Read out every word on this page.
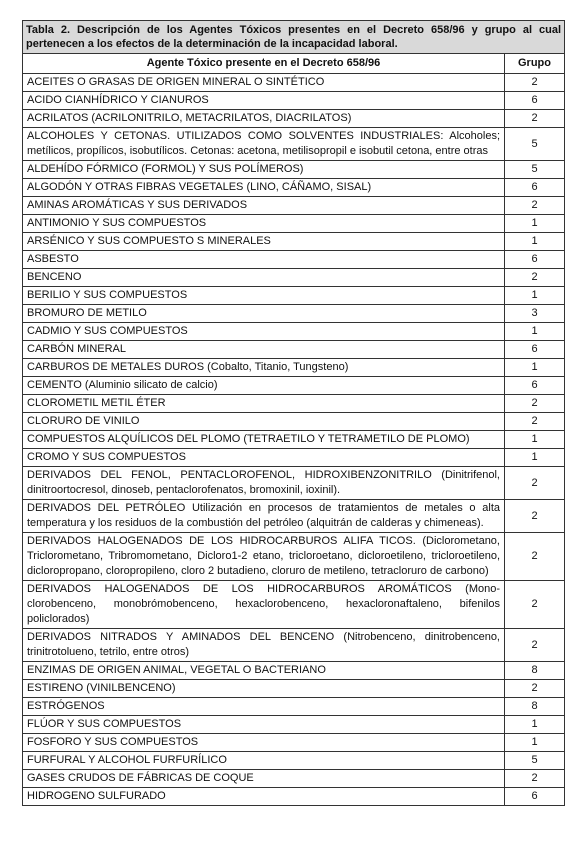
Tabla 2. Descripción de los Agentes Tóxicos presentes en el Decreto 658/96 y grupo al cual pertenecen a los efectos de la determinación de la incapacidad laboral.	
Agente Tóxico presente en el Decreto 658/96	Grupo
ACEITES O GRASAS DE ORIGEN MINERAL O SINTÉTICO	2
ACIDO CIANHÍDRICO Y CIANUROS	6
ACRILATOS (ACRILONITRILO, METACRILATOS, DIACRILATOS)	2
ALCOHOLES Y CETONAS. UTILIZADOS COMO SOLVENTES INDUSTRIALES: Alcoholes; metílicos, propílicos, isobutílicos. Cetonas: acetona, metilisopropil e isobutil cetona, entre otras	5
ALDEHÍDO FÓRMICO (FORMOL) Y SUS POLÍMEROS)	5
ALGODÓN Y OTRAS FIBRAS VEGETALES (LINO, CÁÑAMO, SISAL)	6
AMINAS AROMÁTICAS Y SUS DERIVADOS	2
ANTIMONIO Y SUS COMPUESTOS	1
ARSÉNICO Y SUS COMPUESTO S MINERALES	1
ASBESTO	6
BENCENO	2
BERILIO Y SUS COMPUESTOS	1
BROMURO DE METILO	3
CADMIO Y SUS COMPUESTOS	1
CARBÓN MINERAL	6
CARBUROS DE METALES DUROS (Cobalto, Titanio, Tungsteno)	1
CEMENTO (Aluminio silicato de calcio)	6
CLOROMETIL METIL ÉTER	2
CLORURO DE VINILO	2
COMPUESTOS ALQUÍLICOS DEL PLOMO (TETRAETILO Y TETRAMETILO DE PLOMO)	1
CROMO Y SUS COMPUESTOS	1
DERIVADOS DEL FENOL, PENTACLOROFENOL, HIDROXIBENZONITRILO (Dinitrifenol, dinitroortocresol, dinoseb, pentaclorofenatos, bromoxinil, ioxinil).	2
DERIVADOS DEL PETRÓLEO Utilización en procesos de tratamientos de metales o alta temperatura y los residuos de la combustión del petróleo (alquitrán de calderas y chimeneas).	2
DERIVADOS HALOGENADOS DE LOS HIDROCARBUROS ALIFA TICOS. (Diclorometano, Triclorometano, Tribromometano, Dicloro1-2 etano, tricloroetano, dicloroetileno, tricloroetileno, dicloropropano, cloropropileno, cloro 2 butadieno, cloruro de metileno, tetracloruro de carbono)	2
DERIVADOS HALOGENADOS DE LOS HIDROCARBUROS AROMÁTICOS (Mono-clorobenceno, monobrómobenceno, hexaclorobenceno, hexacloronaftaleno, bifenilos policlorados)	2
DERIVADOS NITRADOS Y AMINADOS DEL BENCENO (Nitrobenceno, dinitrobenceno, trinitrotolueno, tetrilo, entre otros)	2
ENZIMAS DE ORIGEN ANIMAL, VEGETAL O BACTERIANO	8
ESTIRENO (VINILBENCENO)	2
ESTRÓGENOS	8
FLÚOR Y SUS COMPUESTOS	1
FOSFORO Y SUS COMPUESTOS	1
FURFURAL Y ALCOHOL FURFURÍLICO	5
GASES CRUDOS DE FÁBRICAS DE COQUE	2
HIDROGENO SULFURADO	6
